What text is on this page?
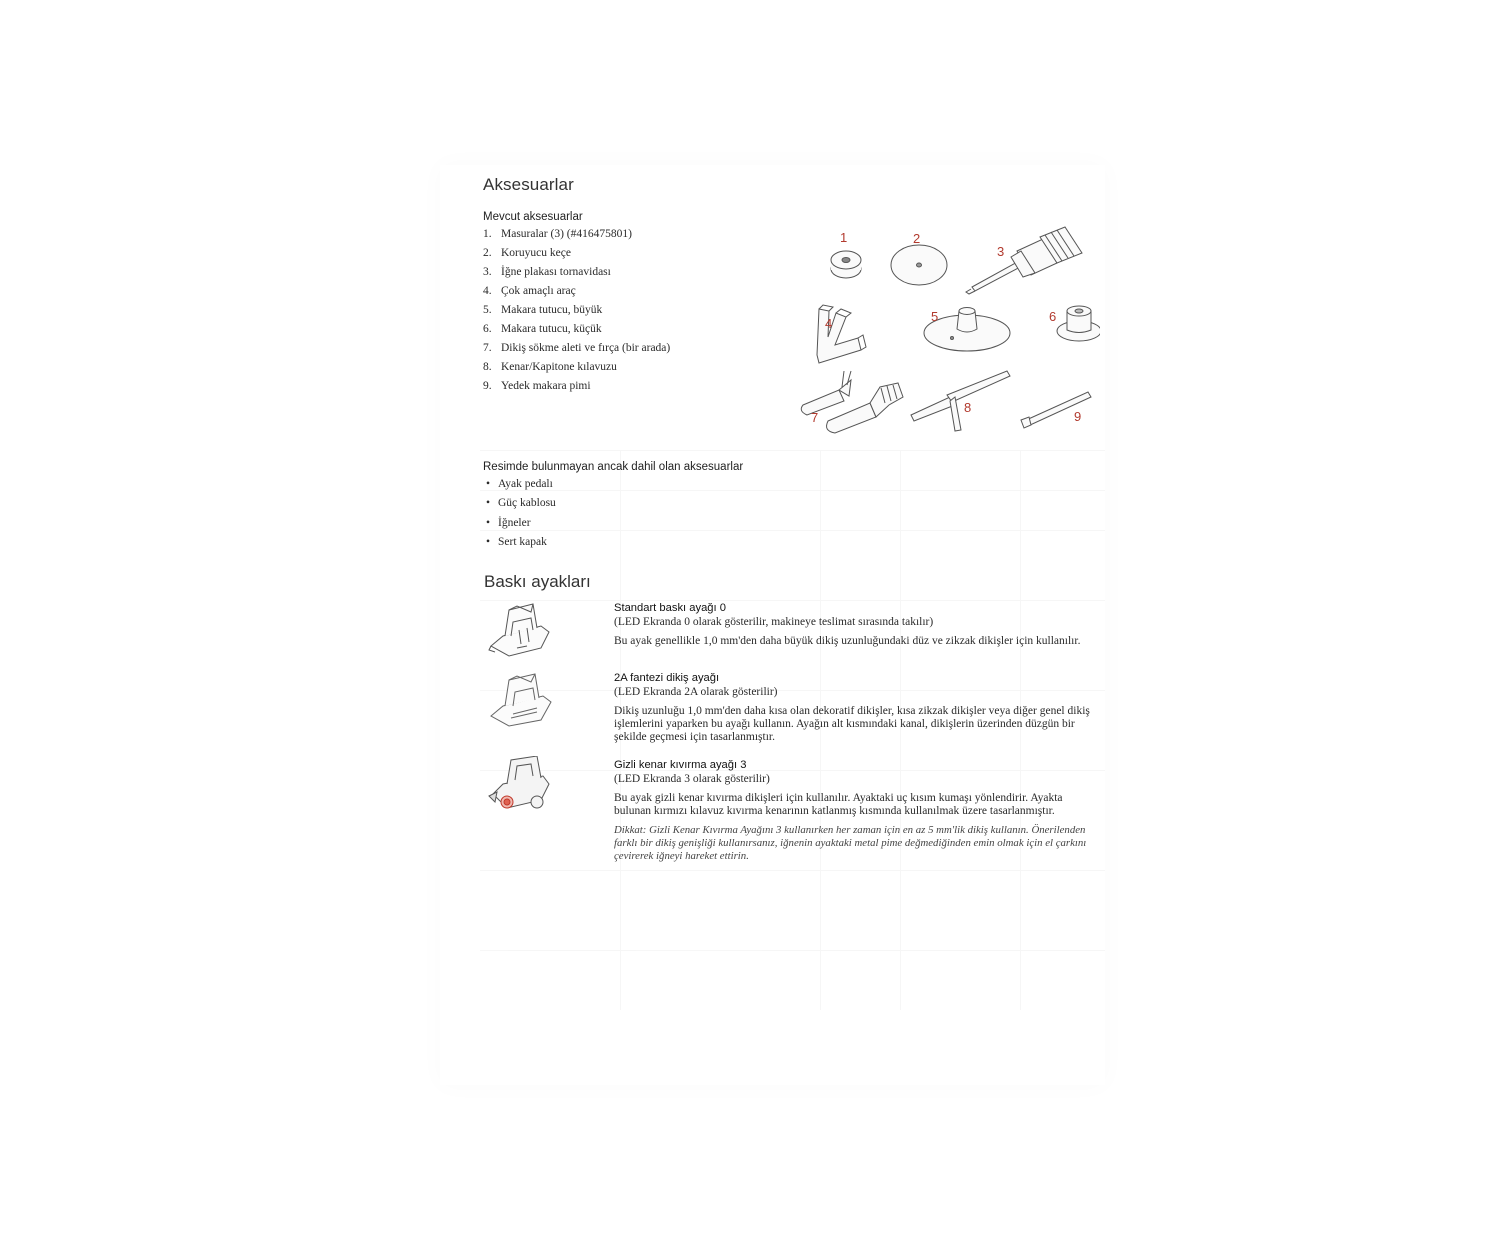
Aksesuarlar
Mevcut aksesuarlar
1. Masuralar (3) (#416475801)
2. Koruyucu keçe
3. İğne plakası tornavidası
4. Çok amaçlı araç
5. Makara tutucu, büyük
6. Makara tutucu, küçük
7. Dikiş sökme aleti ve fırça (bir arada)
8. Kenar/Kapitone kılavuzu
9. Yedek makara pimi
1	2
3
4	5	6
7
8
9
Resimde bulunmayan ancak dahil olan aksesuarlar
• Ayak pedalı
• Güç kablosu
• İğneler
• Sert kapak
Baskı ayakları
Standart baskı ayağı 0
(LED Ekranda 0 olarak gösterilir, makineye teslimat sırasında takılır)
Bu ayak genellikle 1,0 mm'den daha büyük dikiş uzunluğundaki düz ve zikzak dikişler için kullanılır.
2A fantezi dikiş ayağı
(LED Ekranda 2A olarak gösterilir)
Dikiş uzunluğu 1,0 mm'den daha kısa olan dekoratif dikişler, kısa zikzak dikişler veya diğer genel dikiş işlemlerini yaparken bu ayağı kullanın. Ayağın alt kısmındaki kanal, dikişlerin üzerinden düzgün bir şekilde geçmesi için tasarlanmıştır.
Gizli kenar kıvırma ayağı 3
(LED Ekranda 3 olarak gösterilir)
Bu ayak gizli kenar kıvırma dikişleri için kullanılır. Ayaktaki uç kısım kumaşı yönlendirir. Ayakta bulunan kırmızı kılavuz kıvırma kenarının katlanmış kısmında kullanılmak üzere tasarlanmıştır.
Dikkat: Gizli Kenar Kıvırma Ayağını 3 kullanırken her zaman için en az 5 mm'lik dikiş kullanın. Önerilenden farklı bir dikiş genişliği kullanırsanız, iğnenin ayaktaki metal pime değmediğinden emin olmak için el çarkını çevirerek iğneyi hareket ettirin.
